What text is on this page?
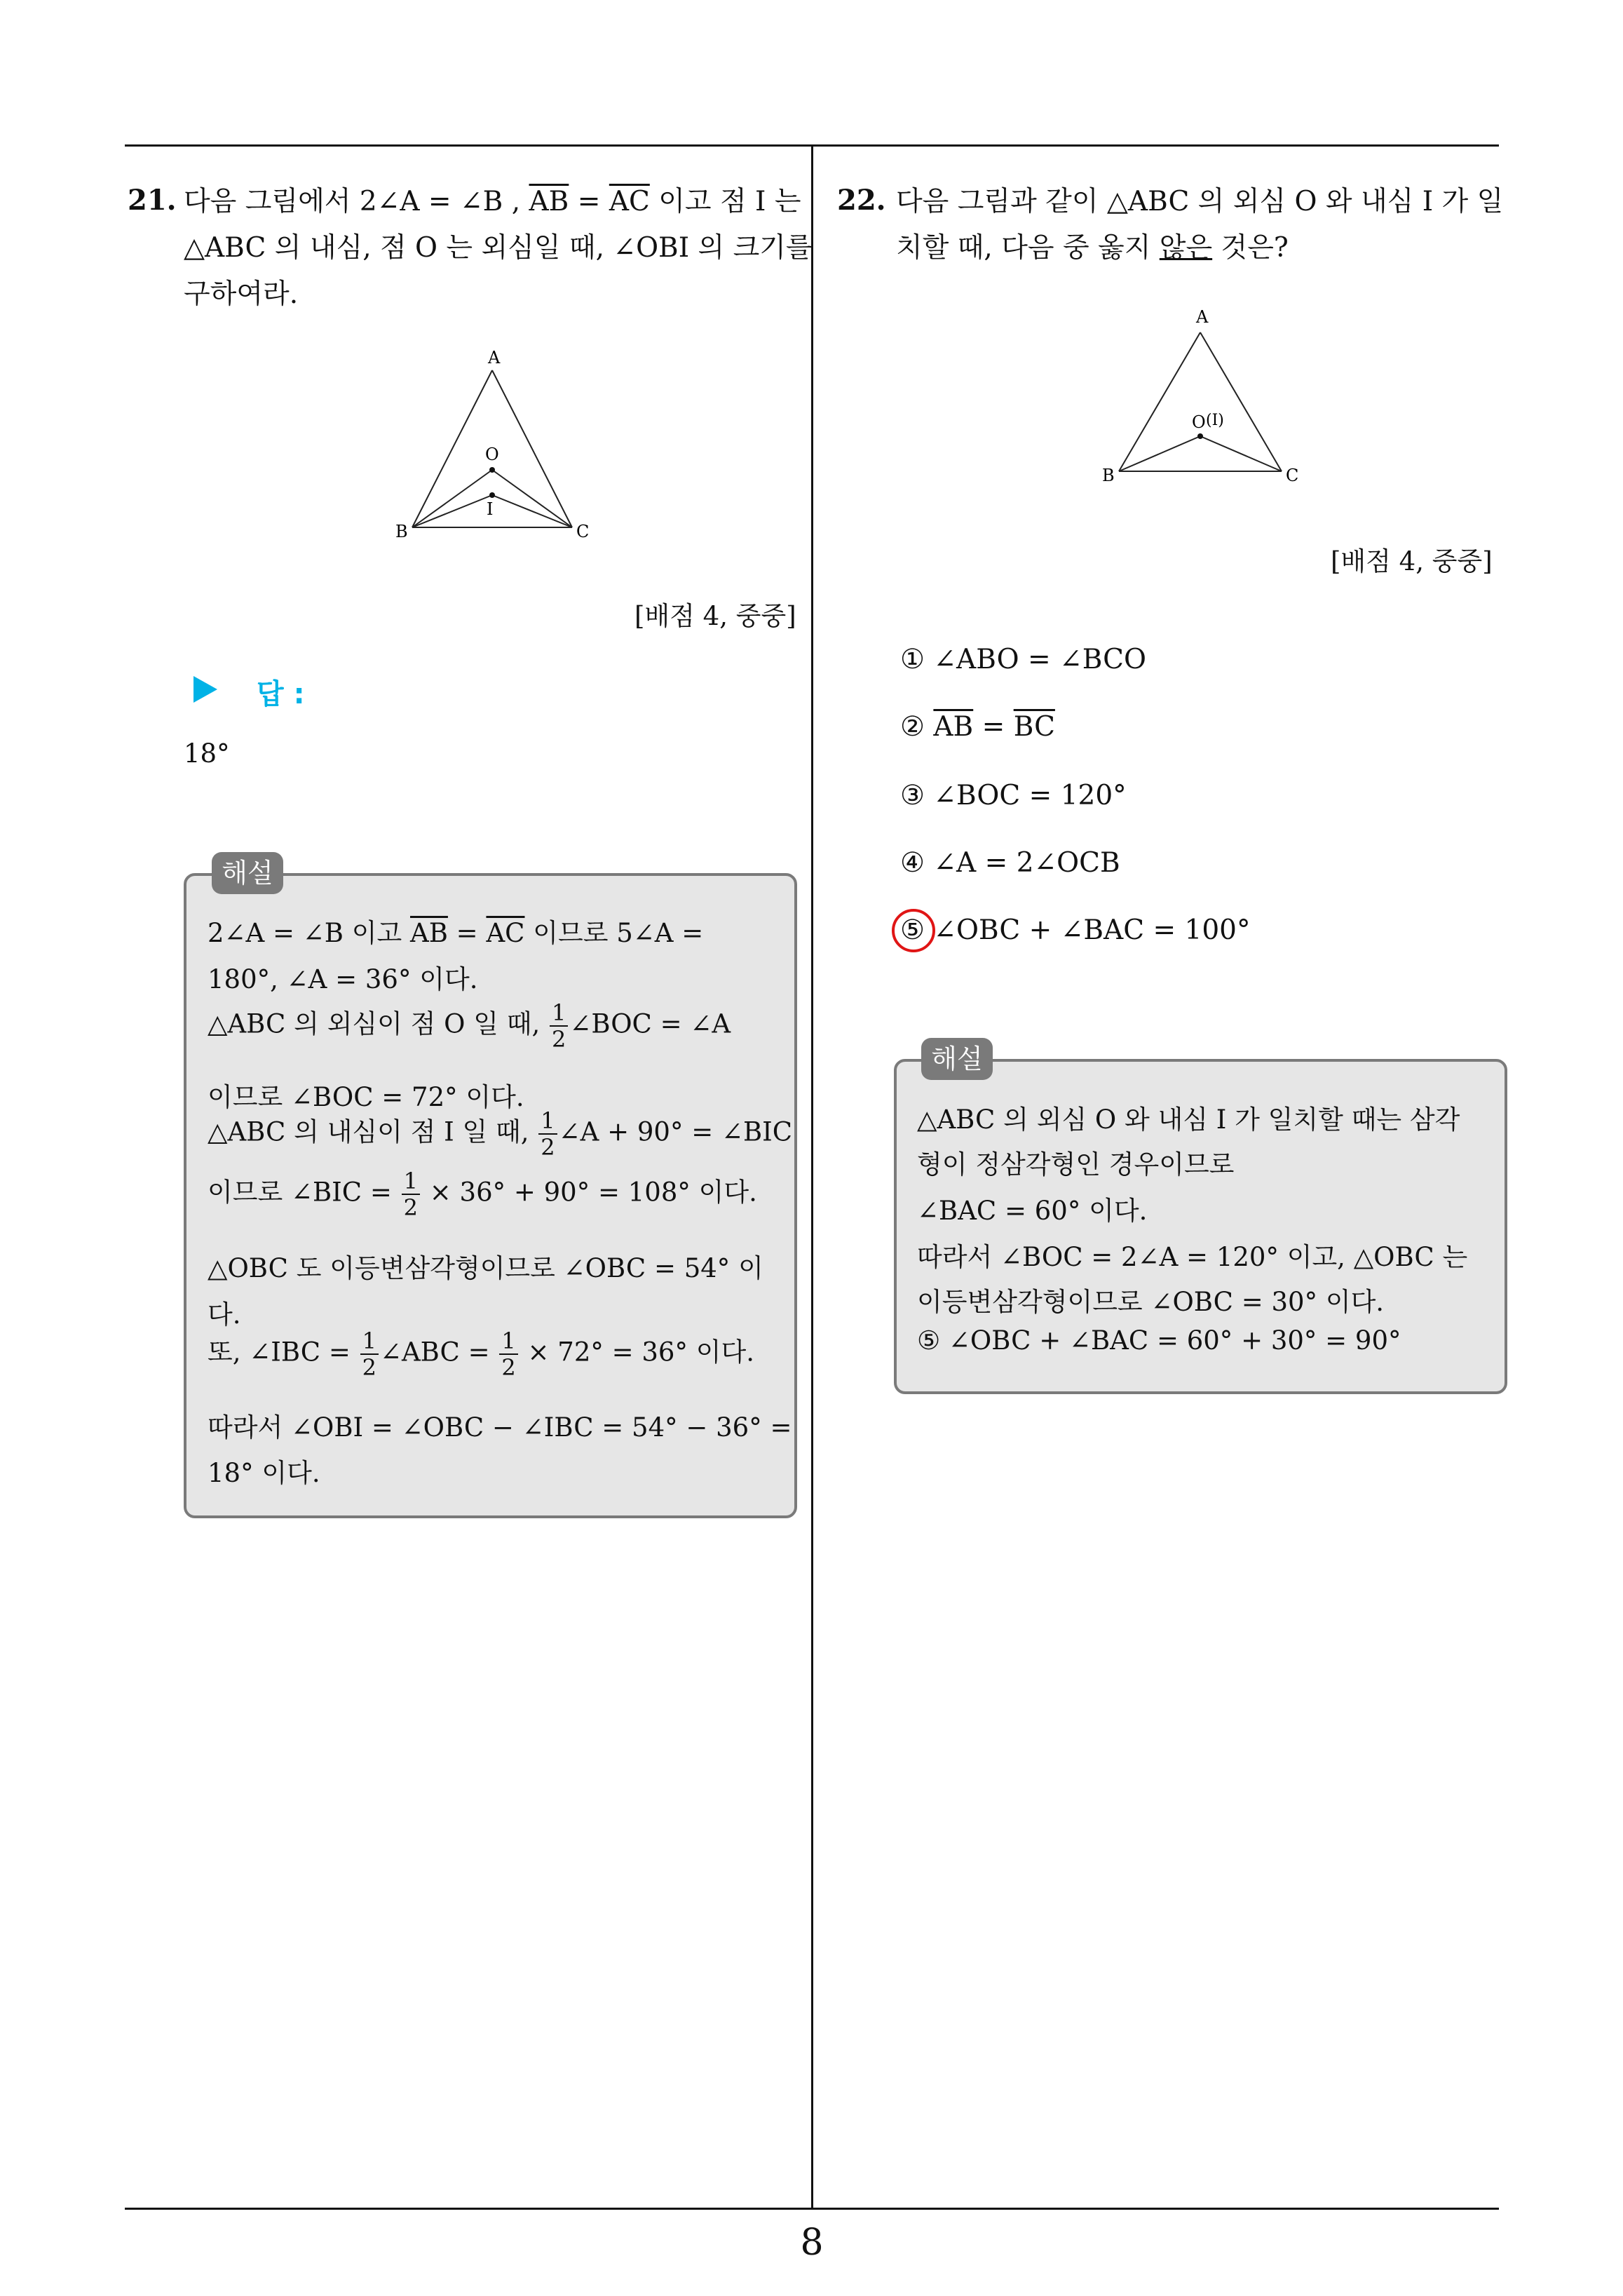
21. 다음 그림에서 2∠A = ∠B , $\overline{AB} = \overline{AC}$ 이고 점 I 는
△ABC 의 내심, 점 O 는 외심일 때, ∠OBI 의 크기를
구하여라.
A
O
I
B	C
[배점 4, 중중]
답 :
18°
해설
2∠A = ∠B 이고 $\overline{AB} = \overline{AC}$ 이므로 5∠A =
180°, ∠A = 36° 이다.
△ABC 의 외심이 점 O 일 때, $\frac{1}{2}$ ∠BOC = ∠A
이므로 ∠BOC = 72° 이다.
△ABC 의 내심이 점 I 일 때, $\frac{1}{2}$ ∠A + 90° = ∠BIC
이므로 ∠BIC = $\frac{1}{2} \times 36^\circ + 90^\circ = 108^\circ$ 이다.
△OBC 도 이등변삼각형이므로 ∠OBC = 54° 이
다.
또, ∠IBC = $\frac{1}{2}$ ∠ABC = $\frac{1}{2} \times 72^\circ = 36^\circ$ 이다.
따라서 ∠OBI = ∠OBC − ∠IBC = 54° − 36° =
18° 이다.
22. 다음 그림과 같이 △ABC 의 외심 O 와 내심 I 가 일
치할 때, 다음 중 옳지 않은 것은?
A
O (I)
B	C
[배점 4, 중중]
① ∠ABO = ∠BCO
② $\overline{AB} = \overline{BC}$
③ ∠BOC = 120°
④ ∠A = 2∠OCB
⑤ ∠OBC + ∠BAC = 100°
해설
△ABC 의 외심 O 와 내심 I 가 일치할 때는 삼각
형이 정삼각형인 경우이므로
∠BAC = 60° 이다.
따라서 ∠BOC = 2∠A = 120° 이고, △OBC 는
이등변삼각형이므로 ∠OBC = 30° 이다.
⑤ ∠OBC + ∠BAC = 60° + 30° = 90°
8
